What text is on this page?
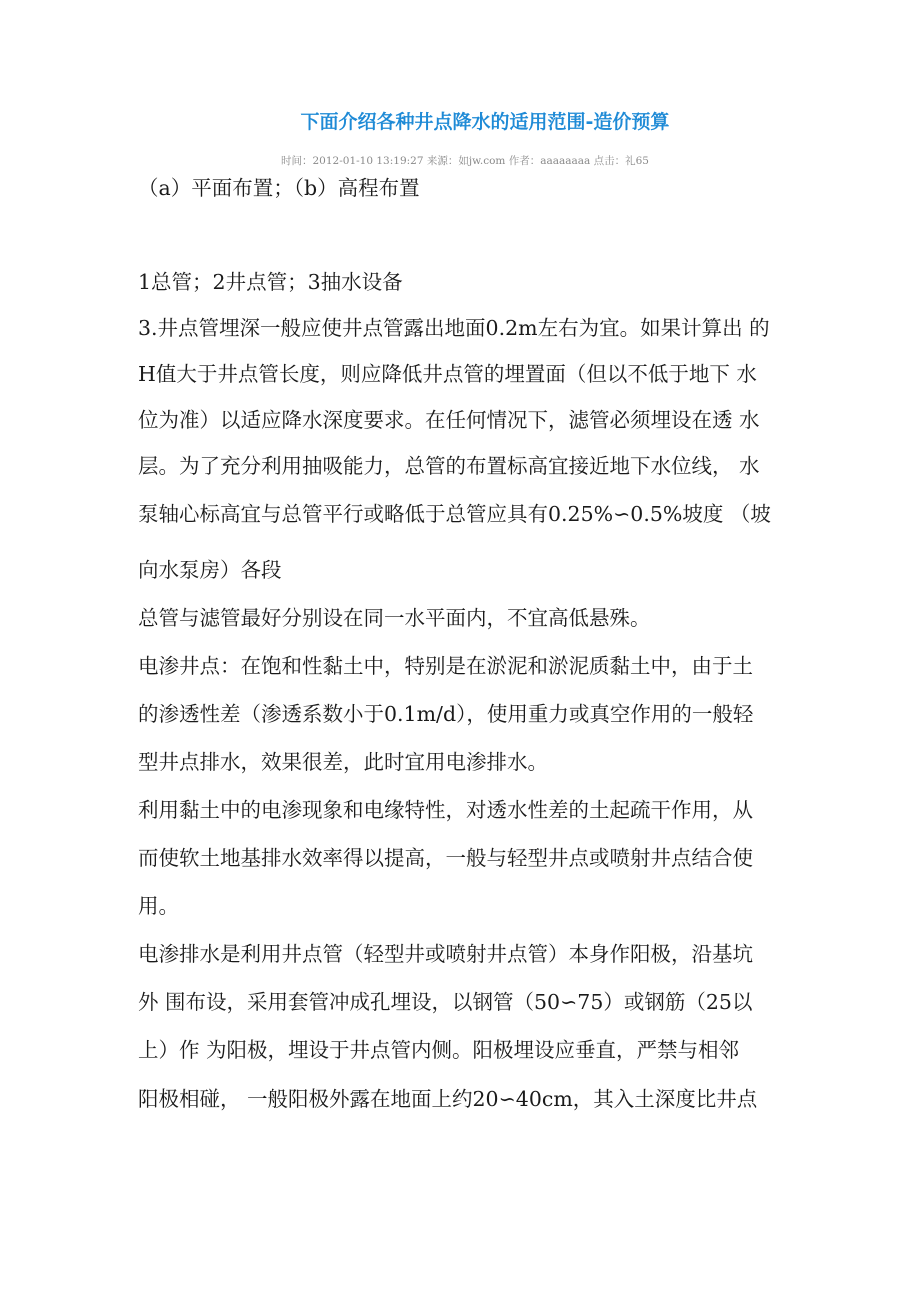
下面介绍各种井点降水的适用范围-造价预算
时间：2012-01-10 13:19:27 来源：如jw.com 作者：aaaaaaaa 点击：礼65
（a）平面布置；（b）高程布置
1总管；2井点管；3抽水设备
3.井点管埋深一般应使井点管露出地面0.2m左右为宜。如果计算出 的
H值大于井点管长度，则应降低井点管的埋置面（但以不低于地下 水
位为准）以适应降水深度要求。在任何情况下，滤管必须埋设在透 水
层。为了充分利用抽吸能力，总管的布置标高宜接近地下水位线， 水
泵轴心标高宜与总管平行或略低于总管应具有0.25%∽0.5%坡度 （坡
向水泵房）各段
总管与滤管最好分别设在同一水平面内，不宜高低悬殊。
电渗井点：在饱和性黏土中，特别是在淤泥和淤泥质黏土中，由于土
的渗透性差（渗透系数小于0.1m/d），使用重力或真空作用的一般轻
型井点排水，效果很差，此时宜用电渗排水。
利用黏土中的电渗现象和电缘特性，对透水性差的土起疏干作用，从
而使软土地基排水效率得以提高，一般与轻型井点或喷射井点结合使
用。
电渗排水是利用井点管（轻型井或喷射井点管）本身作阳极，沿基坑
外 围布设，采用套管冲成孔埋设，以钢管（50∽75）或钢筋（25以
上）作 为阳极，埋设于井点管内侧。阳极埋设应垂直，严禁与相邻
阳极相碰， 一般阳极外露在地面上约20∽40cm，其入土深度比井点
